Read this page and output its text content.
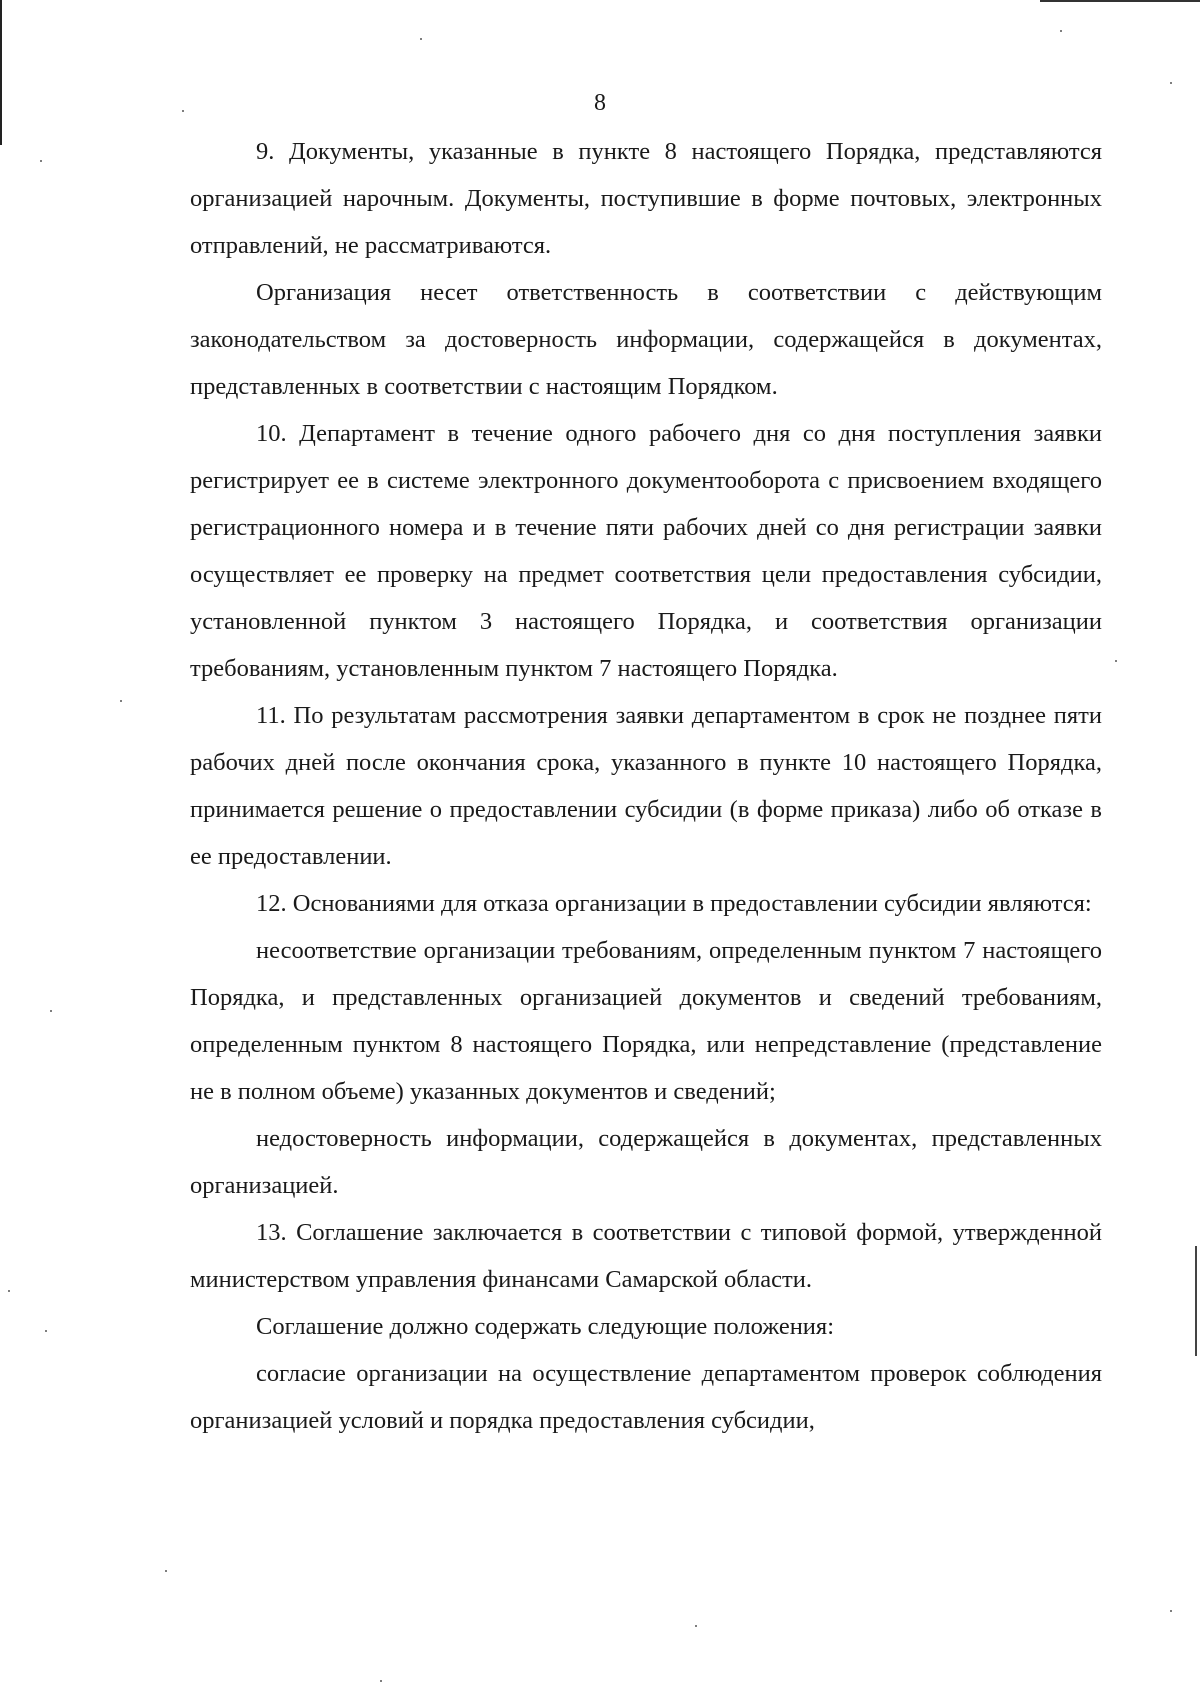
8

9. Документы, указанные в пункте 8 настоящего Порядка, представляются организацией нарочным. Документы, поступившие в форме почтовых, электронных отправлений, не рассматриваются.

Организация несет ответственность в соответствии с действующим законодательством за достоверность информации, содержащейся в документах, представленных в соответствии с настоящим Порядком.

10. Департамент в течение одного рабочего дня со дня поступления заявки регистрирует ее в системе электронного документооборота с присвоением входящего регистрационного номера и в течение пяти рабочих дней со дня регистрации заявки осуществляет ее проверку на предмет соответствия цели предоставления субсидии, установленной пунктом 3 настоящего Порядка, и соответствия организации требованиям, установленным пунктом 7 настоящего Порядка.

11. По результатам рассмотрения заявки департаментом в срок не позднее пяти рабочих дней после окончания срока, указанного в пункте 10 настоящего Порядка, принимается решение о предоставлении субсидии (в форме приказа) либо об отказе в ее предоставлении.

12. Основаниями для отказа организации в предоставлении субсидии являются:

несоответствие организации требованиям, определенным пунктом 7 настоящего Порядка, и представленных организацией документов и сведений требованиям, определенным пунктом 8 настоящего Порядка, или непредставление (представление не в полном объеме) указанных документов и сведений;

недостоверность информации, содержащейся в документах, представленных организацией.

13. Соглашение заключается в соответствии с типовой формой, утвержденной министерством управления финансами Самарской области.

Соглашение должно содержать следующие положения:

согласие организации на осуществление департаментом проверок соблюдения организацией условий и порядка предоставления субсидии,
